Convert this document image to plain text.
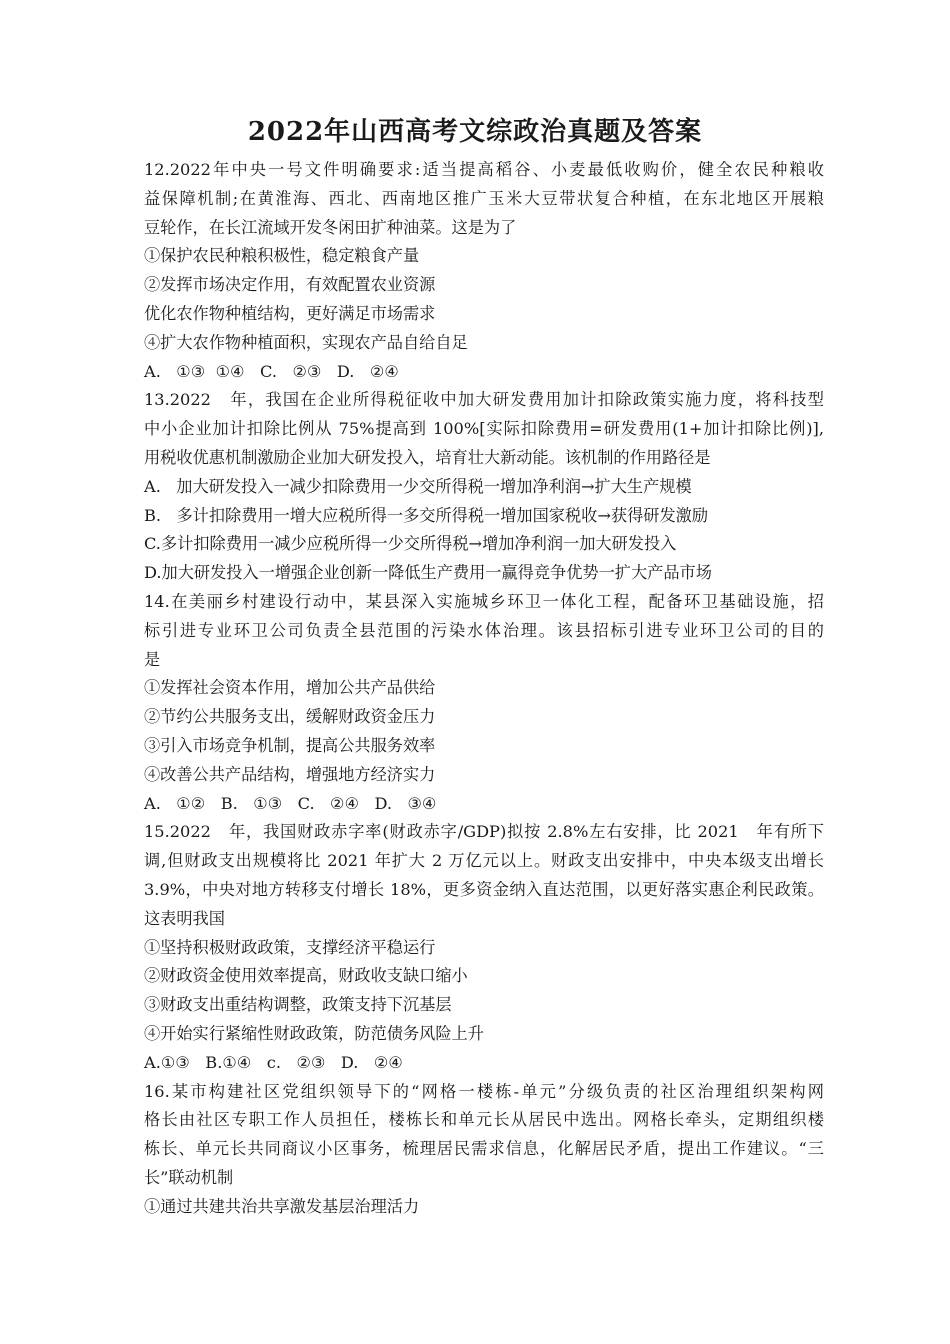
2022年山西高考文综政治真题及答案
12.2022年中央一号文件明确要求:适当提高稻谷、小麦最低收购价，健全农民种粮收
益保障机制;在黄淮海、西北、西南地区推广玉米大豆带状复合种植，在东北地区开展粮
豆轮作，在长江流域开发冬闲田扩种油菜。这是为了
①保护农民种粮积极性，稳定粮食产量
②发挥市场决定作用，有效配置农业资源
优化农作物种植结构，更好满足市场需求
④扩大农作物种植面积，实现农产品自给自足
A.   ①③  ①④   C.   ②③   D.   ②④
13.2022   年，我国在企业所得税征收中加大研发费用加计扣除政策实施力度，将科技型
中小企业加计扣除比例从 75%提高到 100%[实际扣除费用=研发费用(1+加计扣除比例)],
用税收优惠机制激励企业加大研发投入，培育壮大新动能。该机制的作用路径是
A.   加大研发投入一减少扣除费用一少交所得税一增加净利润→扩大生产规模
B.   多计扣除费用一增大应税所得一多交所得税一增加国家税收→获得研发激励
C.多计扣除费用一减少应税所得一少交所得税→增加净利润一加大研发投入
D.加大研发投入一增强企业创新一降低生产费用一赢得竞争优势一扩大产品市场
14.在美丽乡村建设行动中，某县深入实施城乡环卫一体化工程，配备环卫基础设施，招
标引进专业环卫公司负责全县范围的污染水体治理。该县招标引进专业环卫公司的目的
是
①发挥社会资本作用，增加公共产品供给
②节约公共服务支出，缓解财政资金压力
③引入市场竞争机制，提高公共服务效率
④改善公共产品结构，增强地方经济实力
A.   ①②   B.   ①③   C.   ②④   D.   ③④
15.2022   年，我国财政赤字率(财政赤字/GDP)拟按 2.8%左右安排，比 2021   年有所下
调,但财政支出规模将比 2021 年扩大 2 万亿元以上。财政支出安排中，中央本级支出增长
3.9%，中央对地方转移支付增长 18%，更多资金纳入直达范围，以更好落实惠企利民政策。
这表明我国
①坚持积极财政政策，支撑经济平稳运行
②财政资金使用效率提高，财政收支缺口缩小
③财政支出重结构调整，政策支持下沉基层
④开始实行紧缩性财政政策，防范债务风险上升
A.①③   B.①④   c.   ②③   D.   ②④
16.某市构建社区党组织领导下的“网格一楼栋-单元”分级负责的社区治理组织架构网
格长由社区专职工作人员担任，楼栋长和单元长从居民中选出。网格长牵头，定期组织楼
栋长、单元长共同商议小区事务，梳理居民需求信息，化解居民矛盾，提出工作建议。“三
长”联动机制
①通过共建共治共享激发基层治理活力
